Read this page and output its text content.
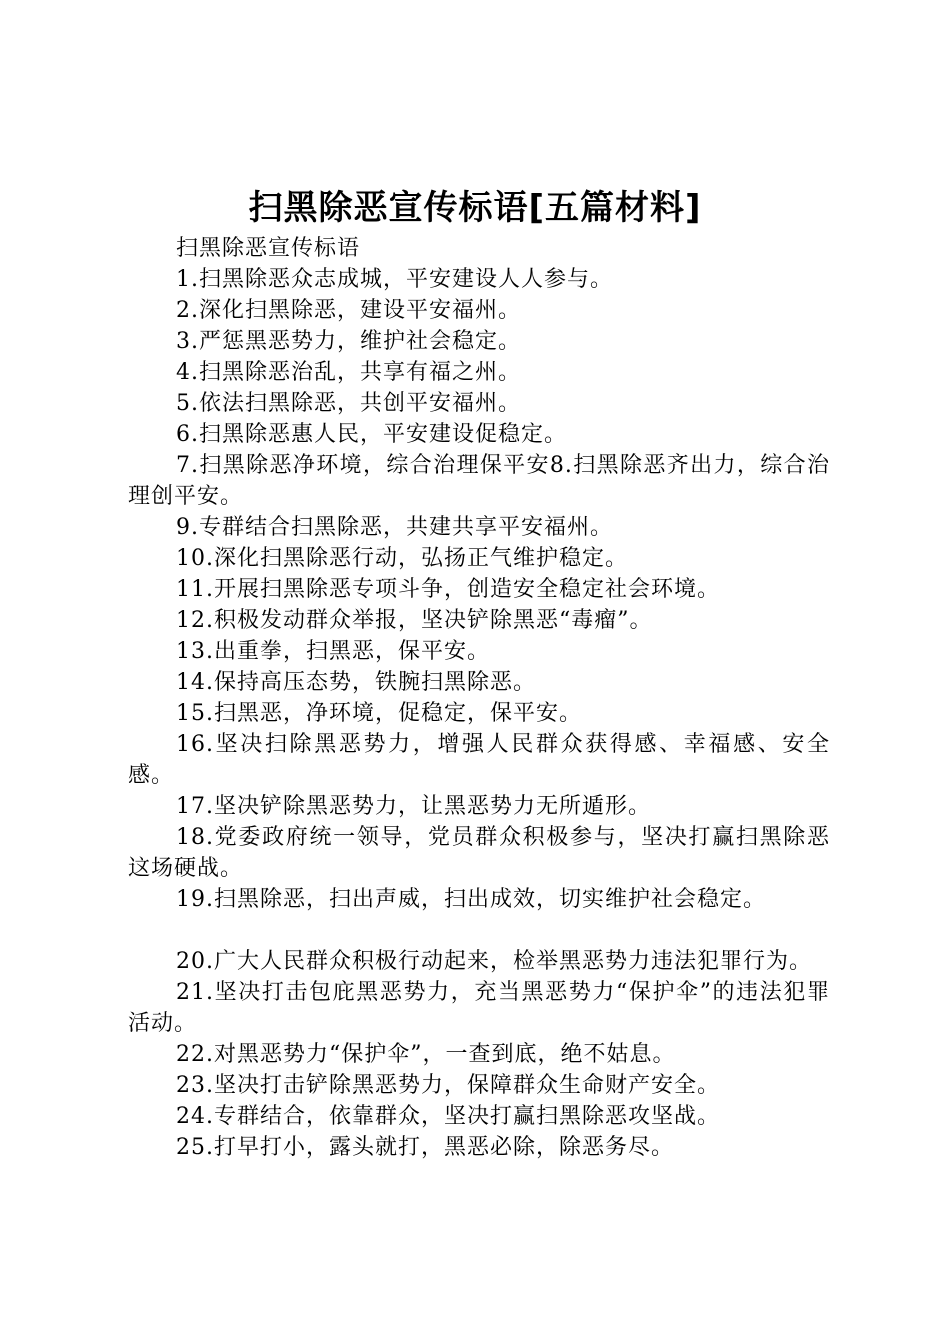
扫黑除恶宣传标语[五篇材料]

扫黑除恶宣传标语

1.扫黑除恶众志成城，平安建设人人参与。

2.深化扫黑除恶，建设平安福州。

3.严惩黑恶势力，维护社会稳定。

4.扫黑除恶治乱，共享有福之州。

5.依法扫黑除恶，共创平安福州。

6.扫黑除恶惠人民，平安建设促稳定。

7.扫黑除恶净环境，综合治理保平安8.扫黑除恶齐出力，综合治理创平安。

9.专群结合扫黑除恶，共建共享平安福州。

10.深化扫黑除恶行动，弘扬正气维护稳定。

11.开展扫黑除恶专项斗争，创造安全稳定社会环境。

12.积极发动群众举报，坚决铲除黑恶“毒瘤”。

13.出重拳，扫黑恶，保平安。

14.保持高压态势，铁腕扫黑除恶。

15.扫黑恶，净环境，促稳定，保平安。

16.坚决扫除黑恶势力，增强人民群众获得感、幸福感、安全感。

17.坚决铲除黑恶势力，让黑恶势力无所遁形。

18.党委政府统一领导，党员群众积极参与，坚决打赢扫黑除恶这场硬战。

19.扫黑除恶，扫出声威，扫出成效，切实维护社会稳定。

20.广大人民群众积极行动起来，检举黑恶势力违法犯罪行为。

21.坚决打击包庇黑恶势力，充当黑恶势力“保护伞”的违法犯罪活动。

22.对黑恶势力“保护伞”，一查到底，绝不姑息。

23.坚决打击铲除黑恶势力，保障群众生命财产安全。

24.专群结合，依靠群众，坚决打赢扫黑除恶攻坚战。

25.打早打小，露头就打，黑恶必除，除恶务尽。
